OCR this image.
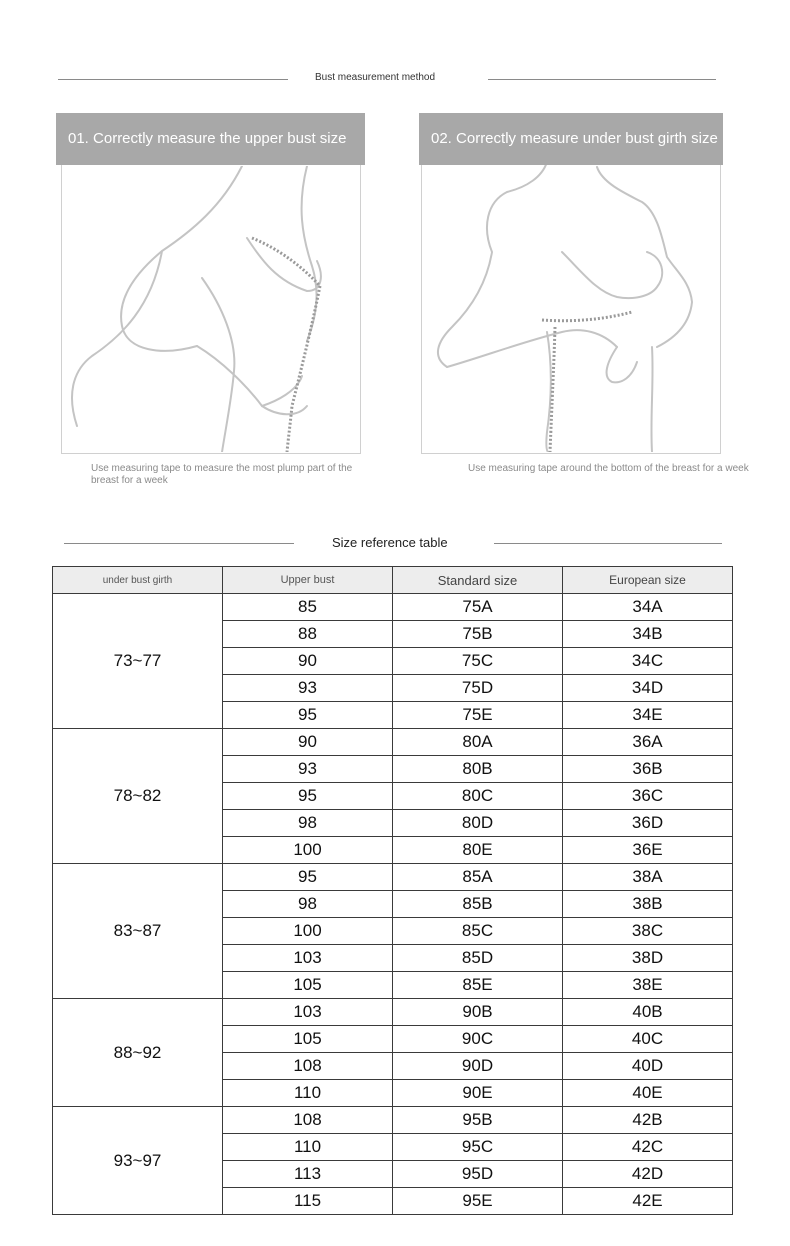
Bust measurement method
01. Correctly measure the upper bust size
Use measuring tape to measure the most plump part of the breast for a week
02. Correctly measure under bust girth size
Use measuring tape around the bottom of the breast for a week
Size reference table
under bust girth	Upper bust	Standard size	European size
73~77	85	75A	34A
	88	75B	34B
	90	75C	34C
	93	75D	34D
	95	75E	34E
78~82	90	80A	36A
	93	80B	36B
	95	80C	36C
	98	80D	36D
	100	80E	36E
83~87	95	85A	38A
	98	85B	38B
	100	85C	38C
	103	85D	38D
	105	85E	38E
88~92	103	90B	40B
	105	90C	40C
	108	90D	40D
	110	90E	40E
93~97	108	95B	42B
	110	95C	42C
	113	95D	42D
	115	95E	42E
